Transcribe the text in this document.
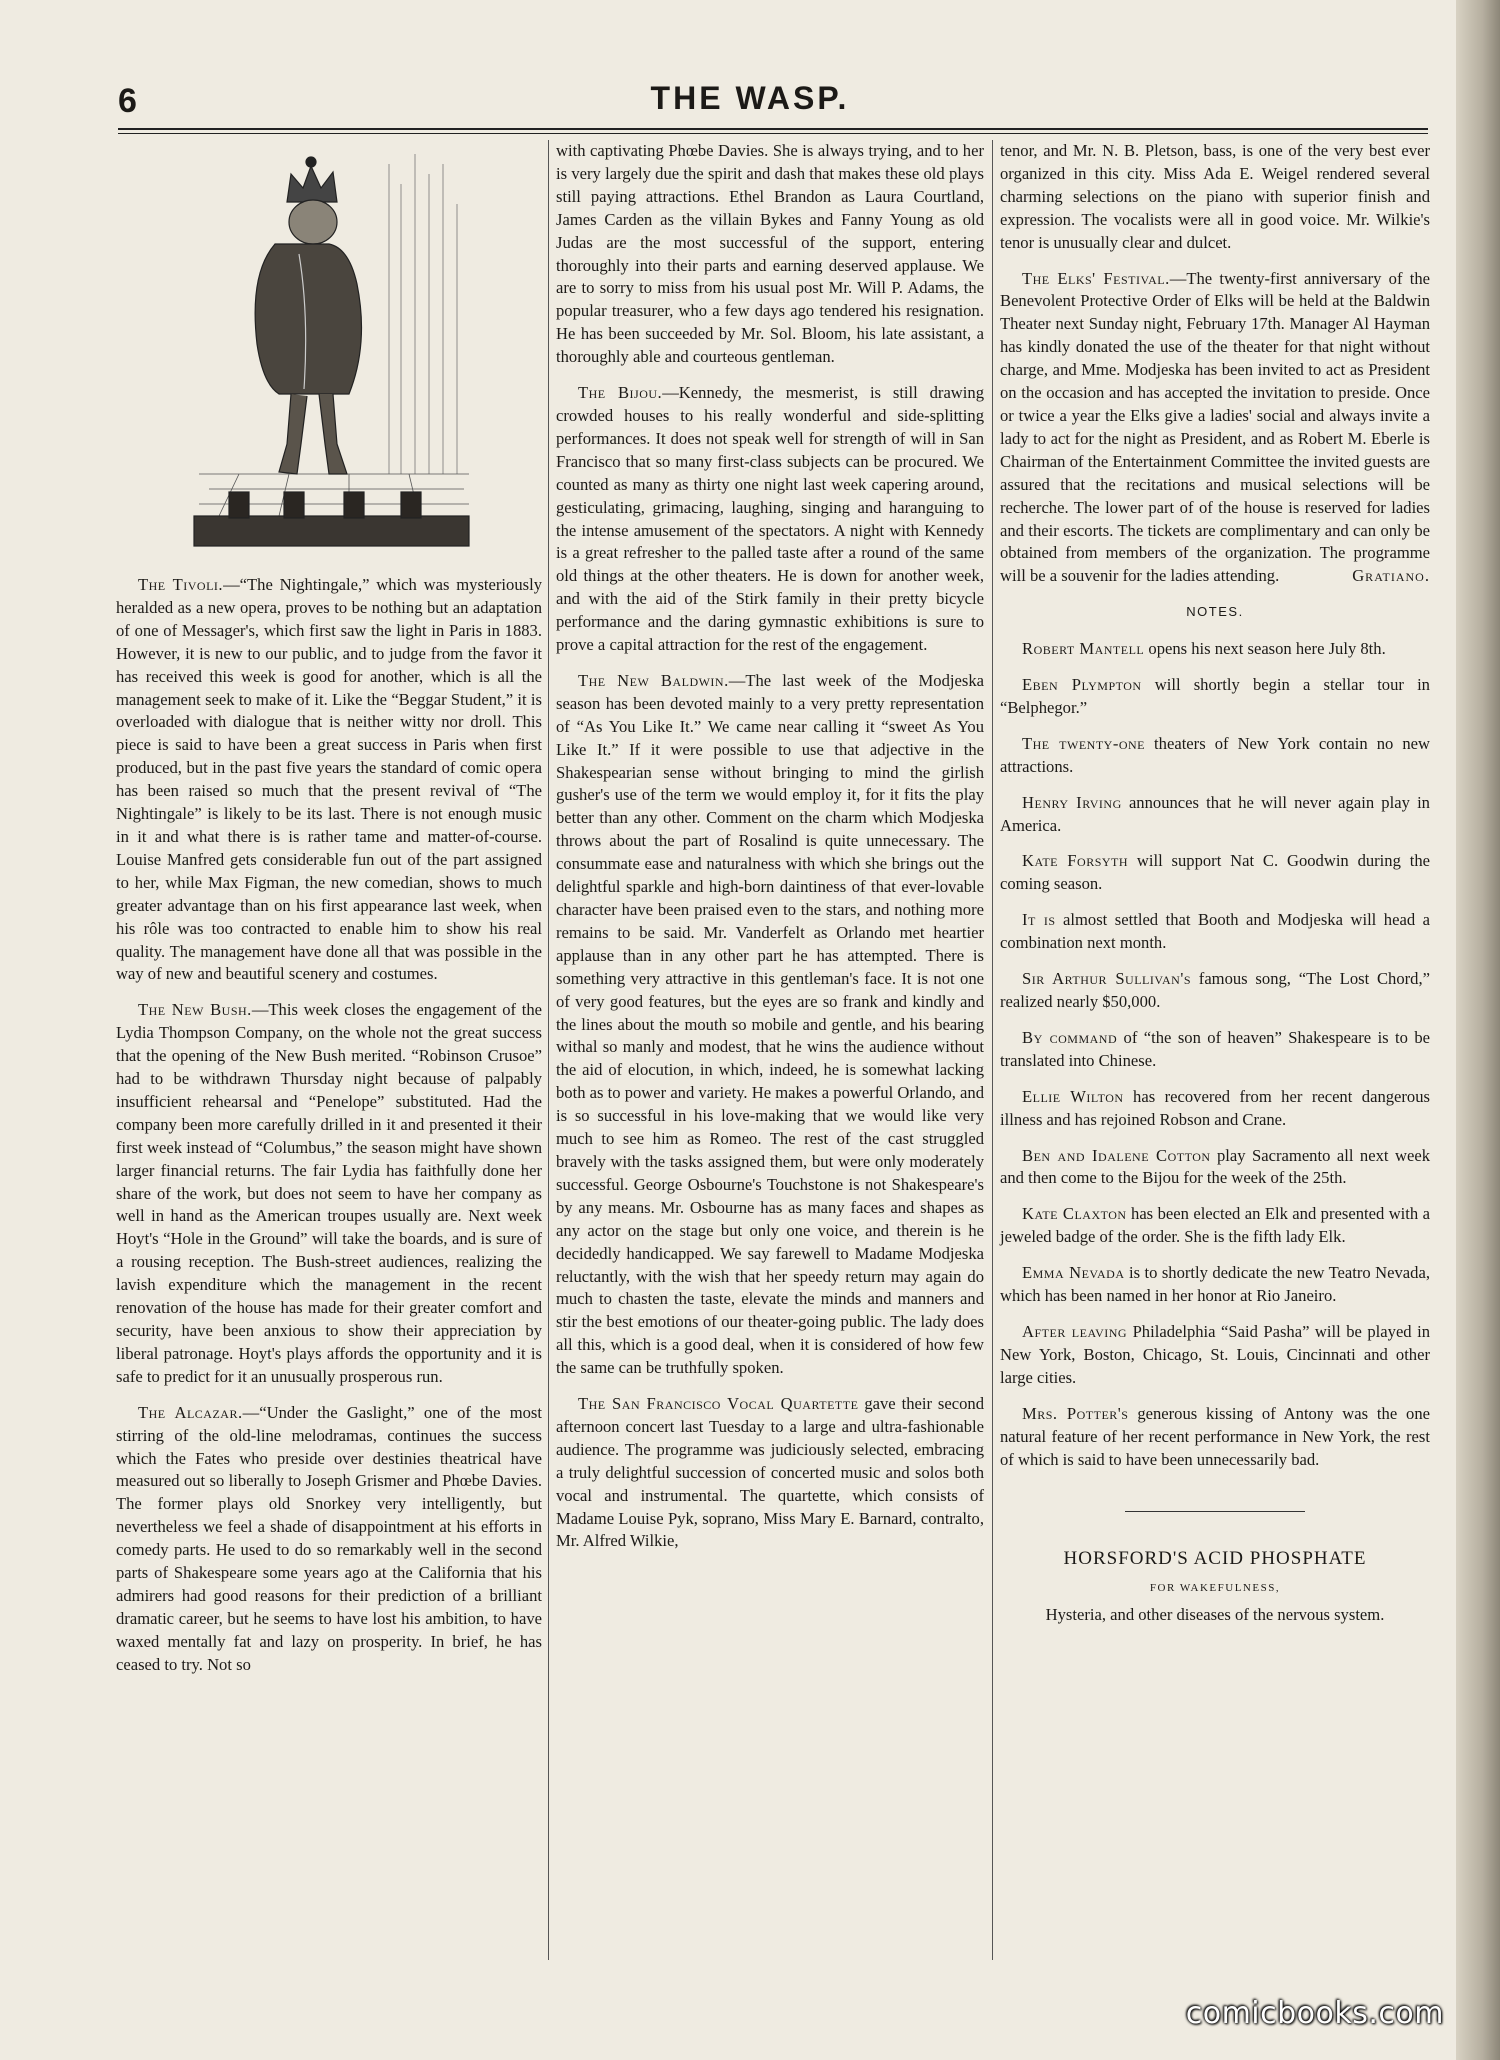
6	THE WASP.

The Tivoli.—“The Nightingale,” which was mysteriously heralded as a new opera, proves to be nothing but an adaptation of one of Messager's, which first saw the light in Paris in 1883. However, it is new to our public, and to judge from the favor it has received this week is good for another, which is all the management seek to make of it. Like the “Beggar Student,” it is overloaded with dialogue that is neither witty nor droll. This piece is said to have been a great success in Paris when first produced, but in the past five years the standard of comic opera has been raised so much that the present revival of “The Nightingale” is likely to be its last. There is not enough music in it and what there is is rather tame and matter-of-course. Louise Manfred gets considerable fun out of the part assigned to her, while Max Figman, the new comedian, shows to much greater advantage than on his first appearance last week, when his rôle was too contracted to enable him to show his real quality. The management have done all that was possible in the way of new and beautiful scenery and costumes.

The New Bush.—This week closes the engagement of the Lydia Thompson Company, on the whole not the great success that the opening of the New Bush merited. “Robinson Crusoe” had to be withdrawn Thursday night because of palpably insufficient rehearsal and “Penelope” substituted. Had the company been more carefully drilled in it and presented it their first week instead of “Columbus,” the season might have shown larger financial returns. The fair Lydia has faithfully done her share of the work, but does not seem to have her company as well in hand as the American troupes usually are. Next week Hoyt's “Hole in the Ground” will take the boards, and is sure of a rousing reception. The Bush-street audiences, realizing the lavish expenditure which the management in the recent renovation of the house has made for their greater comfort and security, have been anxious to show their appreciation by liberal patronage. Hoyt's plays affords the opportunity and it is safe to predict for it an unusually prosperous run.

The Alcazar.—“Under the Gaslight,” one of the most stirring of the old-line melodramas, continues the success which the Fates who preside over destinies theatrical have measured out so liberally to Joseph Grismer and Phœbe Davies. The former plays old Snorkey very intelligently, but nevertheless we feel a shade of disappointment at his efforts in comedy parts. He used to do so remarkably well in the second parts of Shakespeare some years ago at the California that his admirers had good reasons for their prediction of a brilliant dramatic career, but he seems to have lost his ambition, to have waxed mentally fat and lazy on prosperity. In brief, he has ceased to try. Not so

with captivating Phœbe Davies. She is always trying, and to her is very largely due the spirit and dash that makes these old plays still paying attractions. Ethel Brandon as Laura Courtland, James Carden as the villain Bykes and Fanny Young as old Judas are the most successful of the support, entering thoroughly into their parts and earning deserved applause. We are to sorry to miss from his usual post Mr. Will P. Adams, the popular treasurer, who a few days ago tendered his resignation. He has been succeeded by Mr. Sol. Bloom, his late assistant, a thoroughly able and courteous gentleman.

The Bijou.—Kennedy, the mesmerist, is still drawing crowded houses to his really wonderful and side-splitting performances. It does not speak well for strength of will in San Francisco that so many first-class subjects can be procured. We counted as many as thirty one night last week capering around, gesticulating, grimacing, laughing, singing and haranguing to the intense amusement of the spectators. A night with Kennedy is a great refresher to the palled taste after a round of the same old things at the other theaters. He is down for another week, and with the aid of the Stirk family in their pretty bicycle performance and the daring gymnastic exhibitions is sure to prove a capital attraction for the rest of the engagement.

The New Baldwin.—The last week of the Modjeska season has been devoted mainly to a very pretty representation of “As You Like It.” We came near calling it “sweet As You Like It.” If it were possible to use that adjective in the Shakespearian sense without bringing to mind the girlish gusher's use of the term we would employ it, for it fits the play better than any other. Comment on the charm which Modjeska throws about the part of Rosalind is quite unnecessary. The consummate ease and naturalness with which she brings out the delightful sparkle and high-born daintiness of that ever-lovable character have been praised even to the stars, and nothing more remains to be said. Mr. Vanderfelt as Orlando met heartier applause than in any other part he has attempted. There is something very attractive in this gentleman's face. It is not one of very good features, but the eyes are so frank and kindly and the lines about the mouth so mobile and gentle, and his bearing withal so manly and modest, that he wins the audience without the aid of elocution, in which, indeed, he is somewhat lacking both as to power and variety. He makes a powerful Orlando, and is so successful in his love-making that we would like very much to see him as Romeo. The rest of the cast struggled bravely with the tasks assigned them, but were only moderately successful. George Osbourne's Touchstone is not Shakespeare's by any means. Mr. Osbourne has as many faces and shapes as any actor on the stage but only one voice, and therein is he decidedly handicapped. We say farewell to Madame Modjeska reluctantly, with the wish that her speedy return may again do much to chasten the taste, elevate the minds and manners and stir the best emotions of our theater-going public. The lady does all this, which is a good deal, when it is considered of how few the same can be truthfully spoken.

The San Francisco Vocal Quartette gave their second afternoon concert last Tuesday to a large and ultra-fashionable audience. The programme was judiciously selected, embracing a truly delightful succession of concerted music and solos both vocal and instrumental. The quartette, which consists of Madame Louise Pyk, soprano, Miss Mary E. Barnard, contralto, Mr. Alfred Wilkie,

tenor, and Mr. N. B. Pletson, bass, is one of the very best ever organized in this city. Miss Ada E. Weigel rendered several charming selections on the piano with superior finish and expression. The vocalists were all in good voice. Mr. Wilkie's tenor is unusually clear and dulcet.

The Elks' Festival.—The twenty-first anniversary of the Benevolent Protective Order of Elks will be held at the Baldwin Theater next Sunday night, February 17th. Manager Al Hayman has kindly donated the use of the theater for that night without charge, and Mme. Modjeska has been invited to act as President on the occasion and has accepted the invitation to preside. Once or twice a year the Elks give a ladies' social and always invite a lady to act for the night as President, and as Robert M. Eberle is Chairman of the Entertainment Committee the invited guests are assured that the recitations and musical selections will be recherche. The lower part of of the house is reserved for ladies and their escorts. The tickets are complimentary and can only be obtained from members of the organization. The programme will be a souvenir for the ladies attending.	Gratiano.

NOTES.

Robert Mantell opens his next season here July 8th.

Eben Plympton will shortly begin a stellar tour in “Belphegor.”

The twenty-one theaters of New York contain no new attractions.

Henry Irving announces that he will never again play in America.

Kate Forsyth will support Nat C. Goodwin during the coming season.

It is almost settled that Booth and Modjeska will head a combination next month.

Sir Arthur Sullivan's famous song, “The Lost Chord,” realized nearly $50,000.

By command of “the son of heaven” Shakespeare is to be translated into Chinese.

Ellie Wilton has recovered from her recent dangerous illness and has rejoined Robson and Crane.

Ben and Idalene Cotton play Sacramento all next week and then come to the Bijou for the week of the 25th.

Kate Claxton has been elected an Elk and presented with a jeweled badge of the order. She is the fifth lady Elk.

Emma Nevada is to shortly dedicate the new Teatro Nevada, which has been named in her honor at Rio Janeiro.

After leaving Philadelphia “Said Pasha” will be played in New York, Boston, Chicago, St. Louis, Cincinnati and other large cities.

Mrs. Potter's generous kissing of Antony was the one natural feature of her recent performance in New York, the rest of which is said to have been unnecessarily bad.

HORSFORD'S ACID PHOSPHATE
FOR WAKEFULNESS,
Hysteria, and other diseases of the nervous system.
comicbooks.com
